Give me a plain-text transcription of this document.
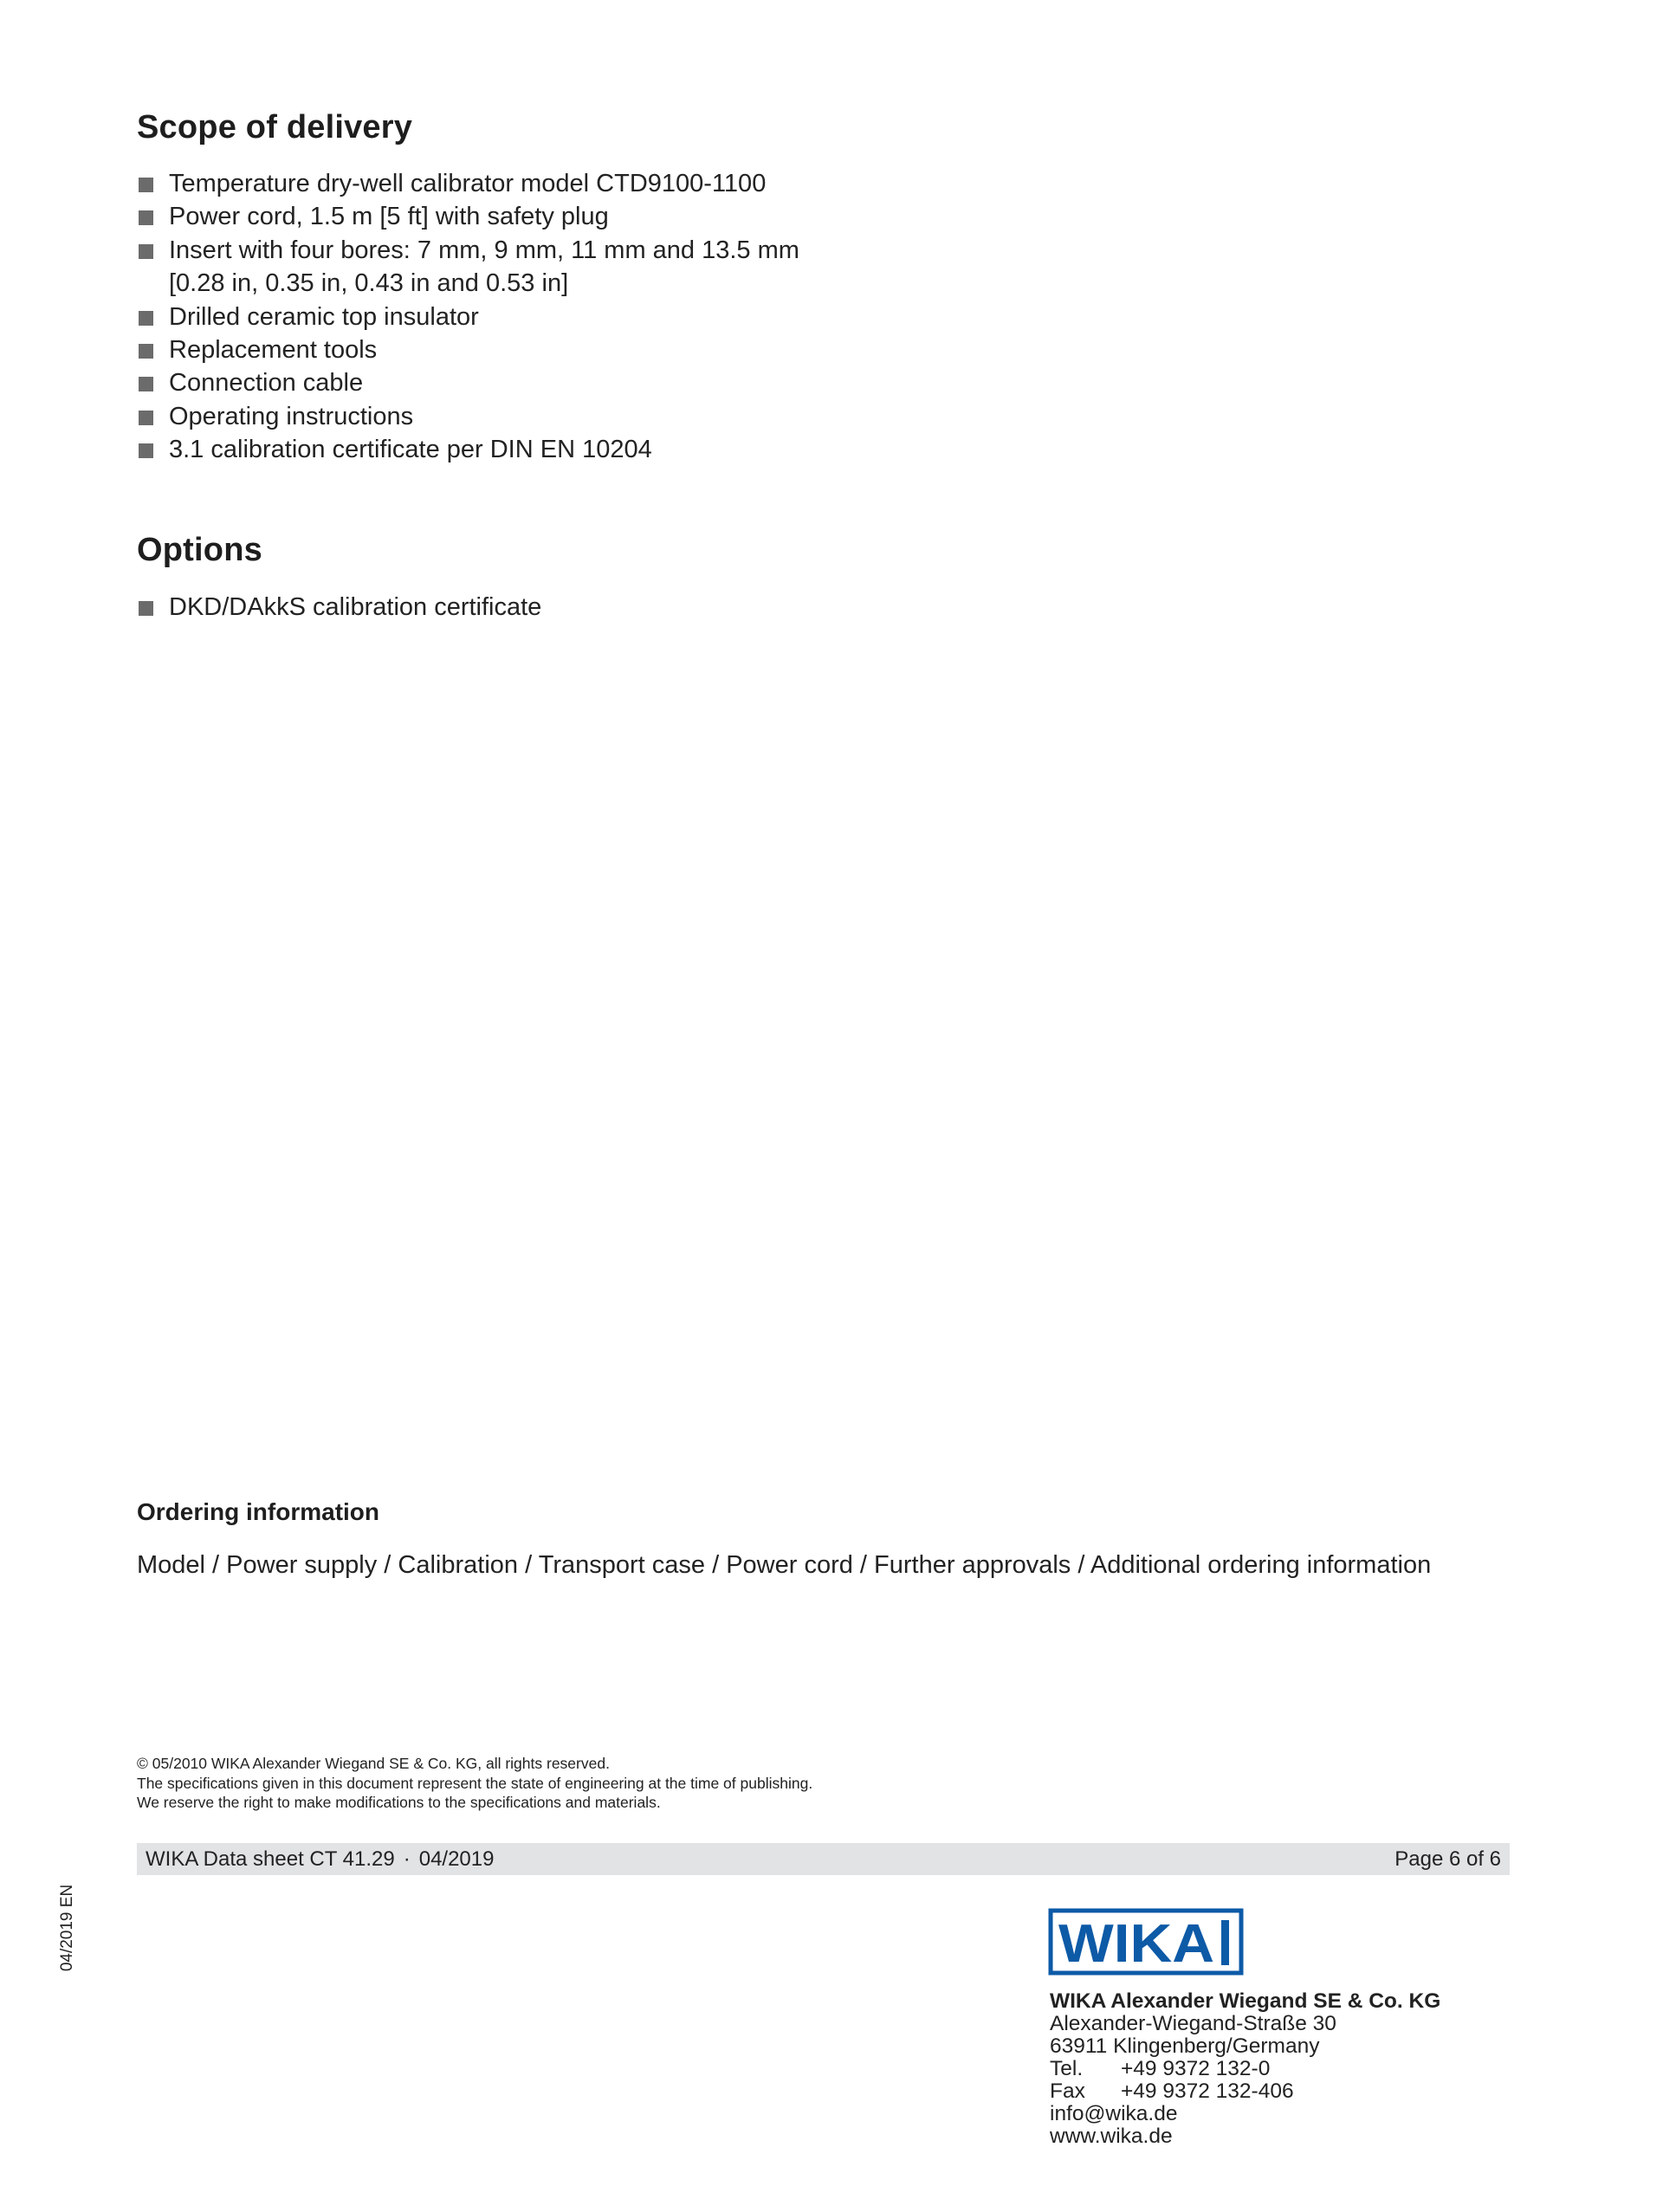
Scope of delivery
Temperature dry-well calibrator model CTD9100-1100
Power cord, 1.5 m [5 ft] with safety plug
Insert with four bores: 7 mm, 9 mm, 11 mm and 13.5 mm
[0.28 in, 0.35 in, 0.43 in and 0.53 in]
Drilled ceramic top insulator
Replacement tools
Connection cable
Operating instructions
3.1 calibration certificate per DIN EN 10204
Options
DKD/DAkkS calibration certificate
Ordering information

Model / Power supply / Calibration / Transport case / Power cord / Further approvals / Additional ordering information

© 05/2010 WIKA Alexander Wiegand SE & Co. KG, all rights reserved.
The specifications given in this document represent the state of engineering at the time of publishing.
We reserve the right to make modifications to the specifications and materials.
WIKA Data sheet CT 41.29 · 04/2019	Page 6 of 6
04/2019 EN	WIKA
WIKA Alexander Wiegand SE & Co. KG
Alexander-Wiegand-Straße 30
63911 Klingenberg/Germany
Tel. +49 9372 132-0
Fax +49 9372 132-406
info@wika.de
www.wika.de
